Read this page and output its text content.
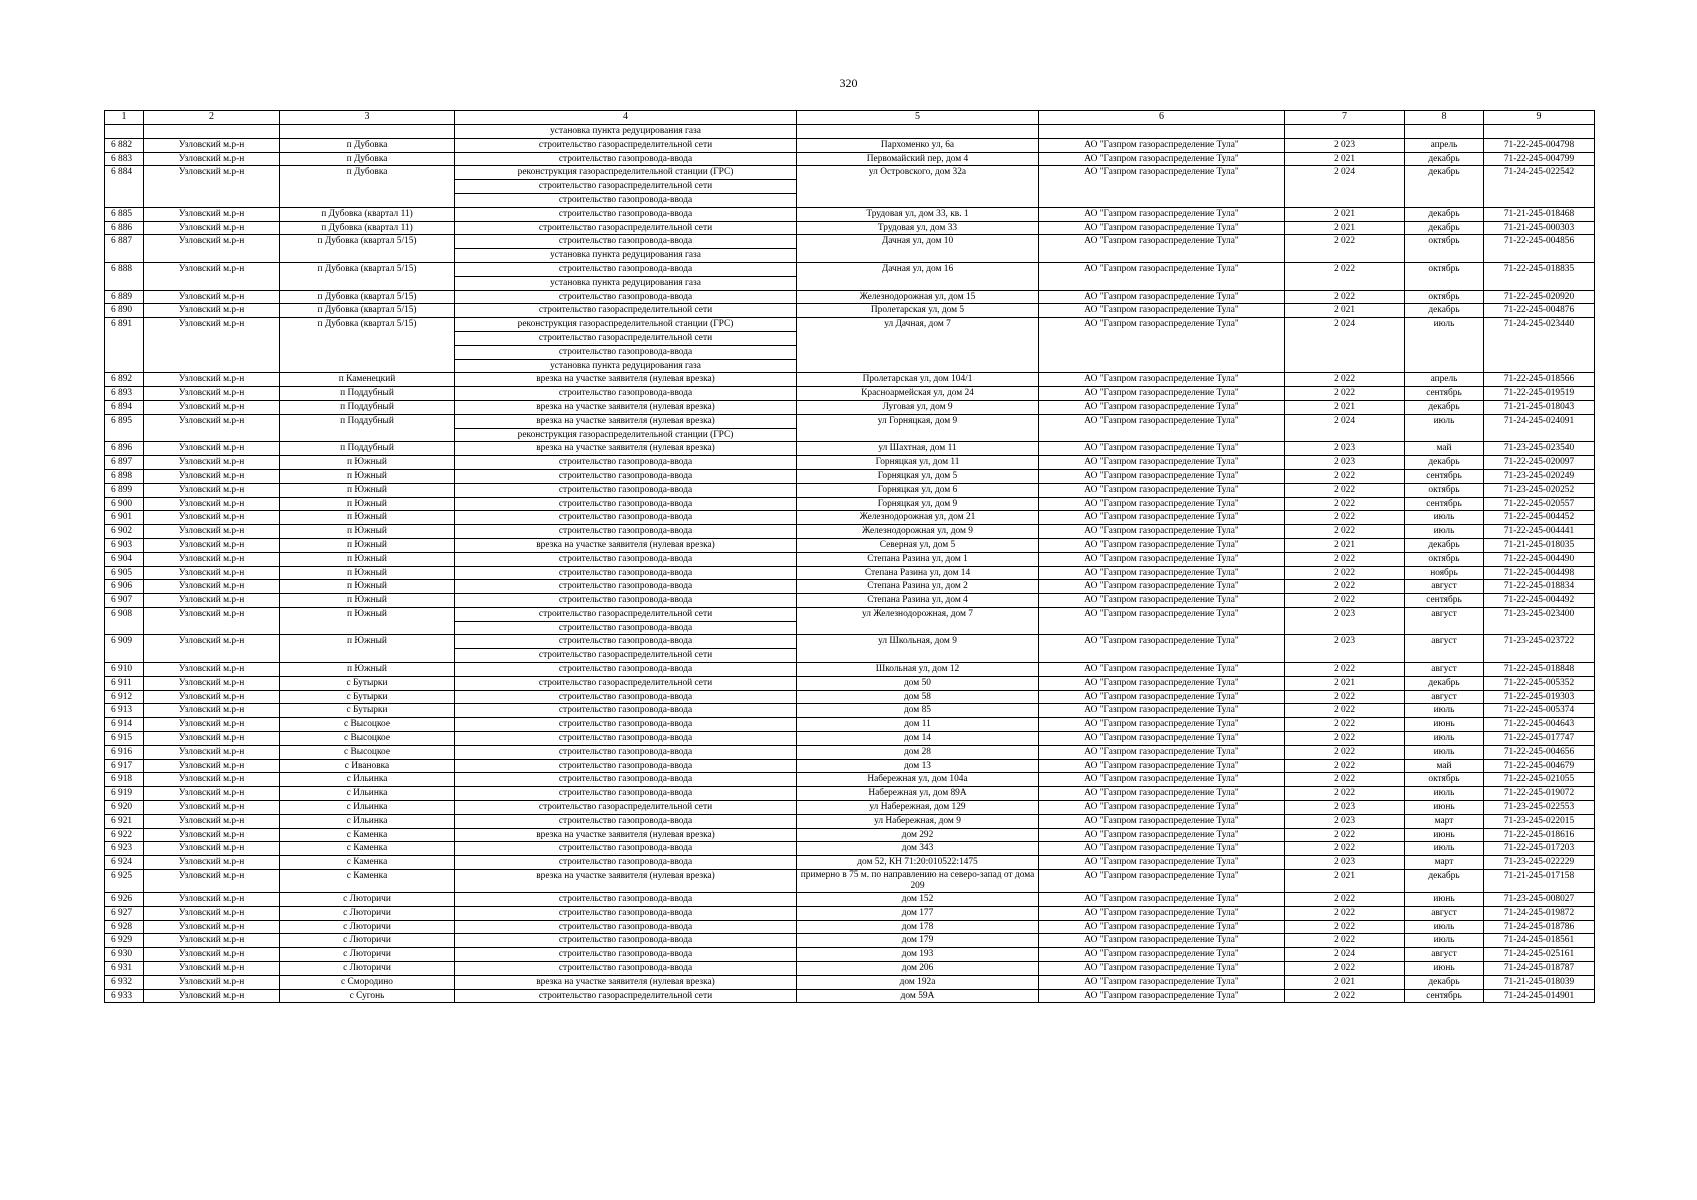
320
1	2	3	4	5	6	7	8	9
			установка пункта редуцирования газа					
6 882	Узловский м.р-н	п Дубовка	строительство газораспределительной сети	Пархоменко ул, 6а	АО "Газпром газораспределение Тула"	2 023	апрель	71-22-245-004798
6 883	Узловский м.р-н	п Дубовка	строительство газопровода-ввода	Первомайский пер, дом 4	АО "Газпром газораспределение Тула"	2 021	декабрь	71-22-245-004799
6 884	Узловский м.р-н	п Дубовка	реконструкция газораспределительной станции (ГРС)	ул Островского, дом 32а	АО "Газпром газораспределение Тула"	2 024	декабрь	71-24-245-022542
			строительство газораспределительной сети					
			строительство газопровода-ввода					
6 885	Узловский м.р-н	п Дубовка (квартал 11)	строительство газопровода-ввода	Трудовая ул, дом 33, кв. 1	АО "Газпром газораспределение Тула"	2 021	декабрь	71-21-245-018468
6 886	Узловский м.р-н	п Дубовка (квартал 11)	строительство газораспределительной сети	Трудовая ул, дом 33	АО "Газпром газораспределение Тула"	2 021	декабрь	71-21-245-000303
6 887	Узловский м.р-н	п Дубовка (квартал 5/15)	строительство газопровода-ввода	Дачная ул, дом 10	АО "Газпром газораспределение Тула"	2 022	октябрь	71-22-245-004856
			установка пункта редуцирования газа					
6 888	Узловский м.р-н	п Дубовка (квартал 5/15)	строительство газопровода-ввода	Дачная ул, дом 16	АО "Газпром газораспределение Тула"	2 022	октябрь	71-22-245-018835
			установка пункта редуцирования газа					
6 889	Узловский м.р-н	п Дубовка (квартал 5/15)	строительство газопровода-ввода	Железнодорожная ул, дом 15	АО "Газпром газораспределение Тула"	2 022	октябрь	71-22-245-020920
6 890	Узловский м.р-н	п Дубовка (квартал 5/15)	строительство газораспределительной сети	Пролетарская ул, дом 5	АО "Газпром газораспределение Тула"	2 021	декабрь	71-22-245-004876
6 891	Узловский м.р-н	п Дубовка (квартал 5/15)	реконструкция газораспределительной станции (ГРС)	ул Дачная, дом 7	АО "Газпром газораспределение Тула"	2 024	июль	71-24-245-023440
			строительство газораспределительной сети					
			строительство газопровода-ввода					
			установка пункта редуцирования газа					
6 892	Узловский м.р-н	п Каменецкий	врезка на участке заявителя (нулевая врезка)	Пролетарская ул, дом 104/1	АО "Газпром газораспределение Тула"	2 022	апрель	71-22-245-018566
6 893	Узловский м.р-н	п Поддубный	строительство газопровода-ввода	Красноармейская ул, дом 24	АО "Газпром газораспределение Тула"	2 022	сентябрь	71-22-245-019519
6 894	Узловский м.р-н	п Поддубный	врезка на участке заявителя (нулевая врезка)	Луговая ул, дом 9	АО "Газпром газораспределение Тула"	2 021	декабрь	71-21-245-018043
6 895	Узловский м.р-н	п Поддубный	врезка на участке заявителя (нулевая врезка)	ул Горняцкая, дом 9	АО "Газпром газораспределение Тула"	2 024	июль	71-24-245-024091
			реконструкция газораспределительной станции (ГРС)					
6 896	Узловский м.р-н	п Поддубный	врезка на участке заявителя (нулевая врезка)	ул Шахтная, дом 11	АО "Газпром газораспределение Тула"	2 023	май	71-23-245-023540
6 897	Узловский м.р-н	п Южный	строительство газопровода-ввода	Горняцкая ул, дом 11	АО "Газпром газораспределение Тула"	2 023	декабрь	71-22-245-020097
6 898	Узловский м.р-н	п Южный	строительство газопровода-ввода	Горняцкая ул, дом 5	АО "Газпром газораспределение Тула"	2 022	сентябрь	71-23-245-020249
6 899	Узловский м.р-н	п Южный	строительство газопровода-ввода	Горняцкая ул, дом 6	АО "Газпром газораспределение Тула"	2 022	октябрь	71-23-245-020252
6 900	Узловский м.р-н	п Южный	строительство газопровода-ввода	Горняцкая ул, дом 9	АО "Газпром газораспределение Тула"	2 022	сентябрь	71-22-245-020557
6 901	Узловский м.р-н	п Южный	строительство газопровода-ввода	Железнодорожная ул, дом 21	АО "Газпром газораспределение Тула"	2 022	июль	71-22-245-004452
6 902	Узловский м.р-н	п Южный	строительство газопровода-ввода	Железнодорожная ул, дом 9	АО "Газпром газораспределение Тула"	2 022	июль	71-22-245-004441
6 903	Узловский м.р-н	п Южный	врезка на участке заявителя (нулевая врезка)	Северная ул, дом 5	АО "Газпром газораспределение Тула"	2 021	декабрь	71-21-245-018035
6 904	Узловский м.р-н	п Южный	строительство газопровода-ввода	Степана Разина ул, дом 1	АО "Газпром газораспределение Тула"	2 022	октябрь	71-22-245-004490
6 905	Узловский м.р-н	п Южный	строительство газопровода-ввода	Степана Разина ул, дом 14	АО "Газпром газораспределение Тула"	2 022	ноябрь	71-22-245-004498
6 906	Узловский м.р-н	п Южный	строительство газопровода-ввода	Степана Разина ул, дом 2	АО "Газпром газораспределение Тула"	2 022	август	71-22-245-018834
6 907	Узловский м.р-н	п Южный	строительство газопровода-ввода	Степана Разина ул, дом 4	АО "Газпром газораспределение Тула"	2 022	сентябрь	71-22-245-004492
6 908	Узловский м.р-н	п Южный	строительство газораспределительной сети	ул Железнодорожная, дом 7	АО "Газпром газораспределение Тула"	2 023	август	71-23-245-023400
			строительство газопровода-ввода					
6 909	Узловский м.р-н	п Южный	строительство газопровода-ввода	ул Школьная, дом 9	АО "Газпром газораспределение Тула"	2 023	август	71-23-245-023722
			строительство газораспределительной сети					
6 910	Узловский м.р-н	п Южный	строительство газопровода-ввода	Школьная ул, дом 12	АО "Газпром газораспределение Тула"	2 022	август	71-22-245-018848
6 911	Узловский м.р-н	с Бутырки	строительство газораспределительной сети	дом 50	АО "Газпром газораспределение Тула"	2 021	декабрь	71-22-245-005352
6 912	Узловский м.р-н	с Бутырки	строительство газопровода-ввода	дом 58	АО "Газпром газораспределение Тула"	2 022	август	71-22-245-019303
6 913	Узловский м.р-н	с Бутырки	строительство газопровода-ввода	дом 85	АО "Газпром газораспределение Тула"	2 022	июль	71-22-245-005374
6 914	Узловский м.р-н	с Высоцкое	строительство газопровода-ввода	дом 11	АО "Газпром газораспределение Тула"	2 022	июнь	71-22-245-004643
6 915	Узловский м.р-н	с Высоцкое	строительство газопровода-ввода	дом 14	АО "Газпром газораспределение Тула"	2 022	июль	71-22-245-017747
6 916	Узловский м.р-н	с Высоцкое	строительство газопровода-ввода	дом 28	АО "Газпром газораспределение Тула"	2 022	июль	71-22-245-004656
6 917	Узловский м.р-н	с Ивановка	строительство газопровода-ввода	дом 13	АО "Газпром газораспределение Тула"	2 022	май	71-22-245-004679
6 918	Узловский м.р-н	с Ильинка	строительство газопровода-ввода	Набережная ул, дом 104а	АО "Газпром газораспределение Тула"	2 022	октябрь	71-22-245-021055
6 919	Узловский м.р-н	с Ильинка	строительство газопровода-ввода	Набережная ул, дом 89А	АО "Газпром газораспределение Тула"	2 022	июль	71-22-245-019072
6 920	Узловский м.р-н	с Ильинка	строительство газораспределительной сети	ул Набережная, дом 129	АО "Газпром газораспределение Тула"	2 023	июнь	71-23-245-022553
6 921	Узловский м.р-н	с Ильинка	строительство газопровода-ввода	ул Набережная, дом 9	АО "Газпром газораспределение Тула"	2 023	март	71-23-245-022015
6 922	Узловский м.р-н	с Каменка	врезка на участке заявителя (нулевая врезка)	дом 292	АО "Газпром газораспределение Тула"	2 022	июнь	71-22-245-018616
6 923	Узловский м.р-н	с Каменка	строительство газопровода-ввода	дом 343	АО "Газпром газораспределение Тула"	2 022	июль	71-22-245-017203
6 924	Узловский м.р-н	с Каменка	строительство газопровода-ввода	дом 52, КН 71:20:010522:1475	АО "Газпром газораспределение Тула"	2 023	март	71-23-245-022229
6 925	Узловский м.р-н	с Каменка	врезка на участке заявителя (нулевая врезка)	примерно в 75 м. по направлению на северо-запад от дома 209	АО "Газпром газораспределение Тула"	2 021	декабрь	71-21-245-017158
6 926	Узловский м.р-н	с Люторичи	строительство газопровода-ввода	дом 152	АО "Газпром газораспределение Тула"	2 022	июнь	71-23-245-008027
6 927	Узловский м.р-н	с Люторичи	строительство газопровода-ввода	дом 177	АО "Газпром газораспределение Тула"	2 022	август	71-24-245-019872
6 928	Узловский м.р-н	с Люторичи	строительство газопровода-ввода	дом 178	АО "Газпром газораспределение Тула"	2 022	июль	71-24-245-018786
6 929	Узловский м.р-н	с Люторичи	строительство газопровода-ввода	дом 179	АО "Газпром газораспределение Тула"	2 022	июль	71-24-245-018561
6 930	Узловский м.р-н	с Люторичи	строительство газопровода-ввода	дом 193	АО "Газпром газораспределение Тула"	2 024	август	71-24-245-025161
6 931	Узловский м.р-н	с Люторичи	строительство газопровода-ввода	дом 206	АО "Газпром газораспределение Тула"	2 022	июнь	71-24-245-018787
6 932	Узловский м.р-н	с Смородино	врезка на участке заявителя (нулевая врезка)	дом 192а	АО "Газпром газораспределение Тула"	2 021	декабрь	71-21-245-018039
6 933	Узловский м.р-н	с Сугонь	строительство газораспределительной сети	дом 59А	АО "Газпром газораспределение Тула"	2 022	сентябрь	71-24-245-014901
